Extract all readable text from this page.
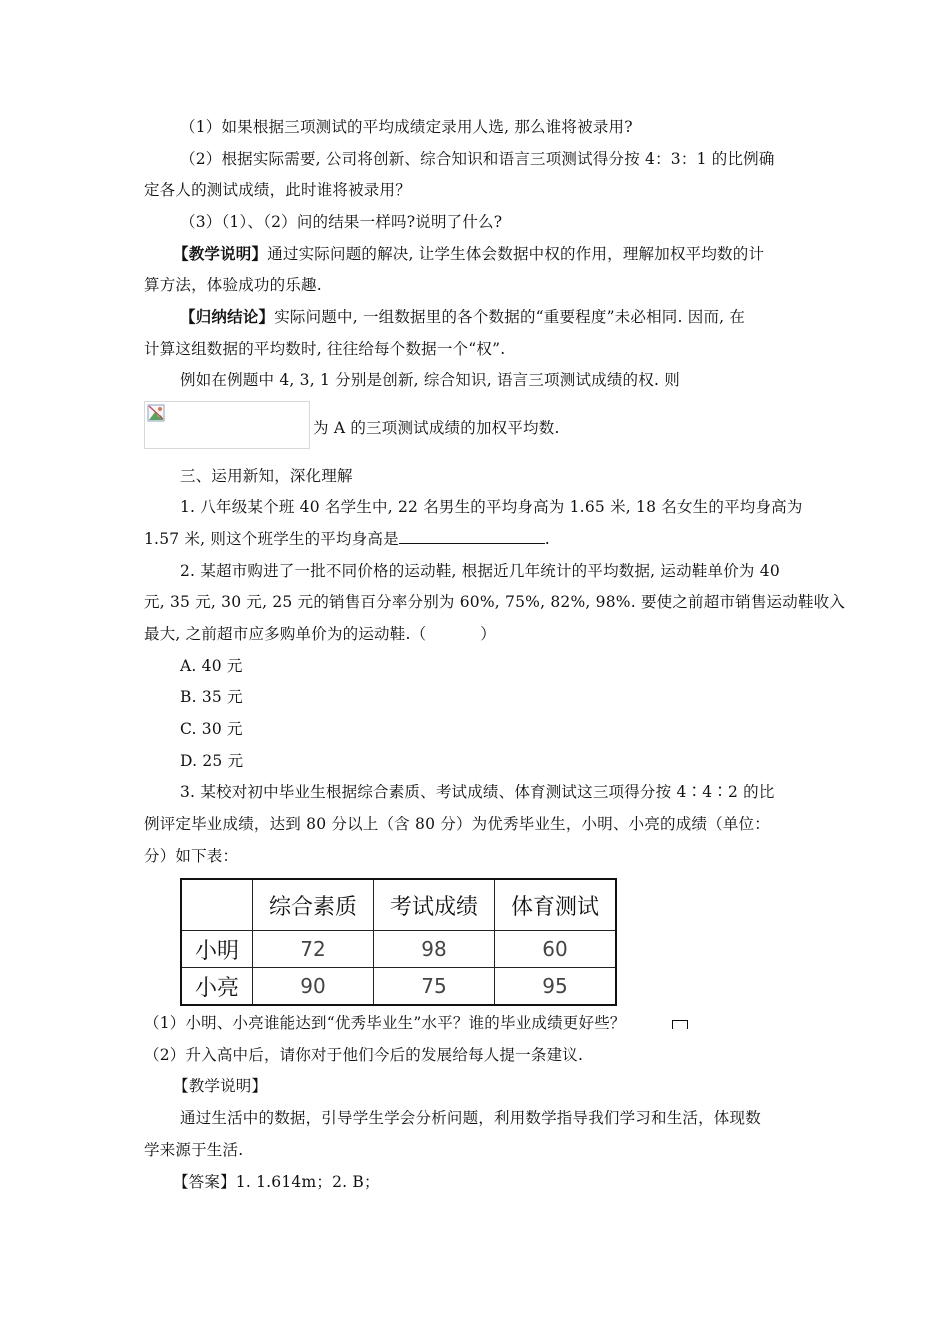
（1）如果根据三项测试的平均成绩定录用人选, 那么谁将被录用?
（2）根据实际需要, 公司将创新、综合知识和语言三项测试得分按 4：3：1 的比例确
定各人的测试成绩，此时谁将被录用？
（3）（1）、（2）问的结果一样吗?说明了什么?
【教学说明】通过实际问题的解决, 让学生体会数据中权的作用，理解加权平均数的计
算方法，体验成功的乐趣.
【归纳结论】实际问题中, 一组数据里的各个数据的“重要程度”未必相同. 因而, 在
计算这组数据的平均数时, 往往给每个数据一个“权”.
例如在例题中 4, 3, 1 分别是创新, 综合知识, 语言三项测试成绩的权. 则
为 A 的三项测试成绩的加权平均数.
三、运用新知，深化理解
1. 八年级某个班 40 名学生中, 22 名男生的平均身高为 1.65 米, 18 名女生的平均身高为
1.57 米, 则这个班学生的平均身高是	.
2. 某超市购进了一批不同价格的运动鞋, 根据近几年统计的平均数据, 运动鞋单价为 40
元, 35 元, 30 元, 25 元的销售百分率分别为 60%, 75%, 82%, 98%. 要使之前超市销售运动鞋收入
最大, 之前超市应多购单价为的运动鞋.（	）
A. 40 元
B. 35 元
C. 30 元
D. 25 元
3. 某校对初中毕业生根据综合素质、考试成绩、体育测试这三项得分按 4∶4∶2 的比
例评定毕业成绩，达到 80 分以上（含 80 分）为优秀毕业生，小明、小亮的成绩（单位：
分）如下表：
	综合素质	考试成绩	体育测试
小明	72	98	60
小亮	90	75	95
（1）小明、小亮谁能达到“优秀毕业生”水平？谁的毕业成绩更好些？
（2）升入高中后，请你对于他们今后的发展给每人提一条建议.
【教学说明】
通过生活中的数据，引导学生学会分析问题，利用数学指导我们学习和生活，体现数
学来源于生活.
【答案】1. 1.614m；2. B；
